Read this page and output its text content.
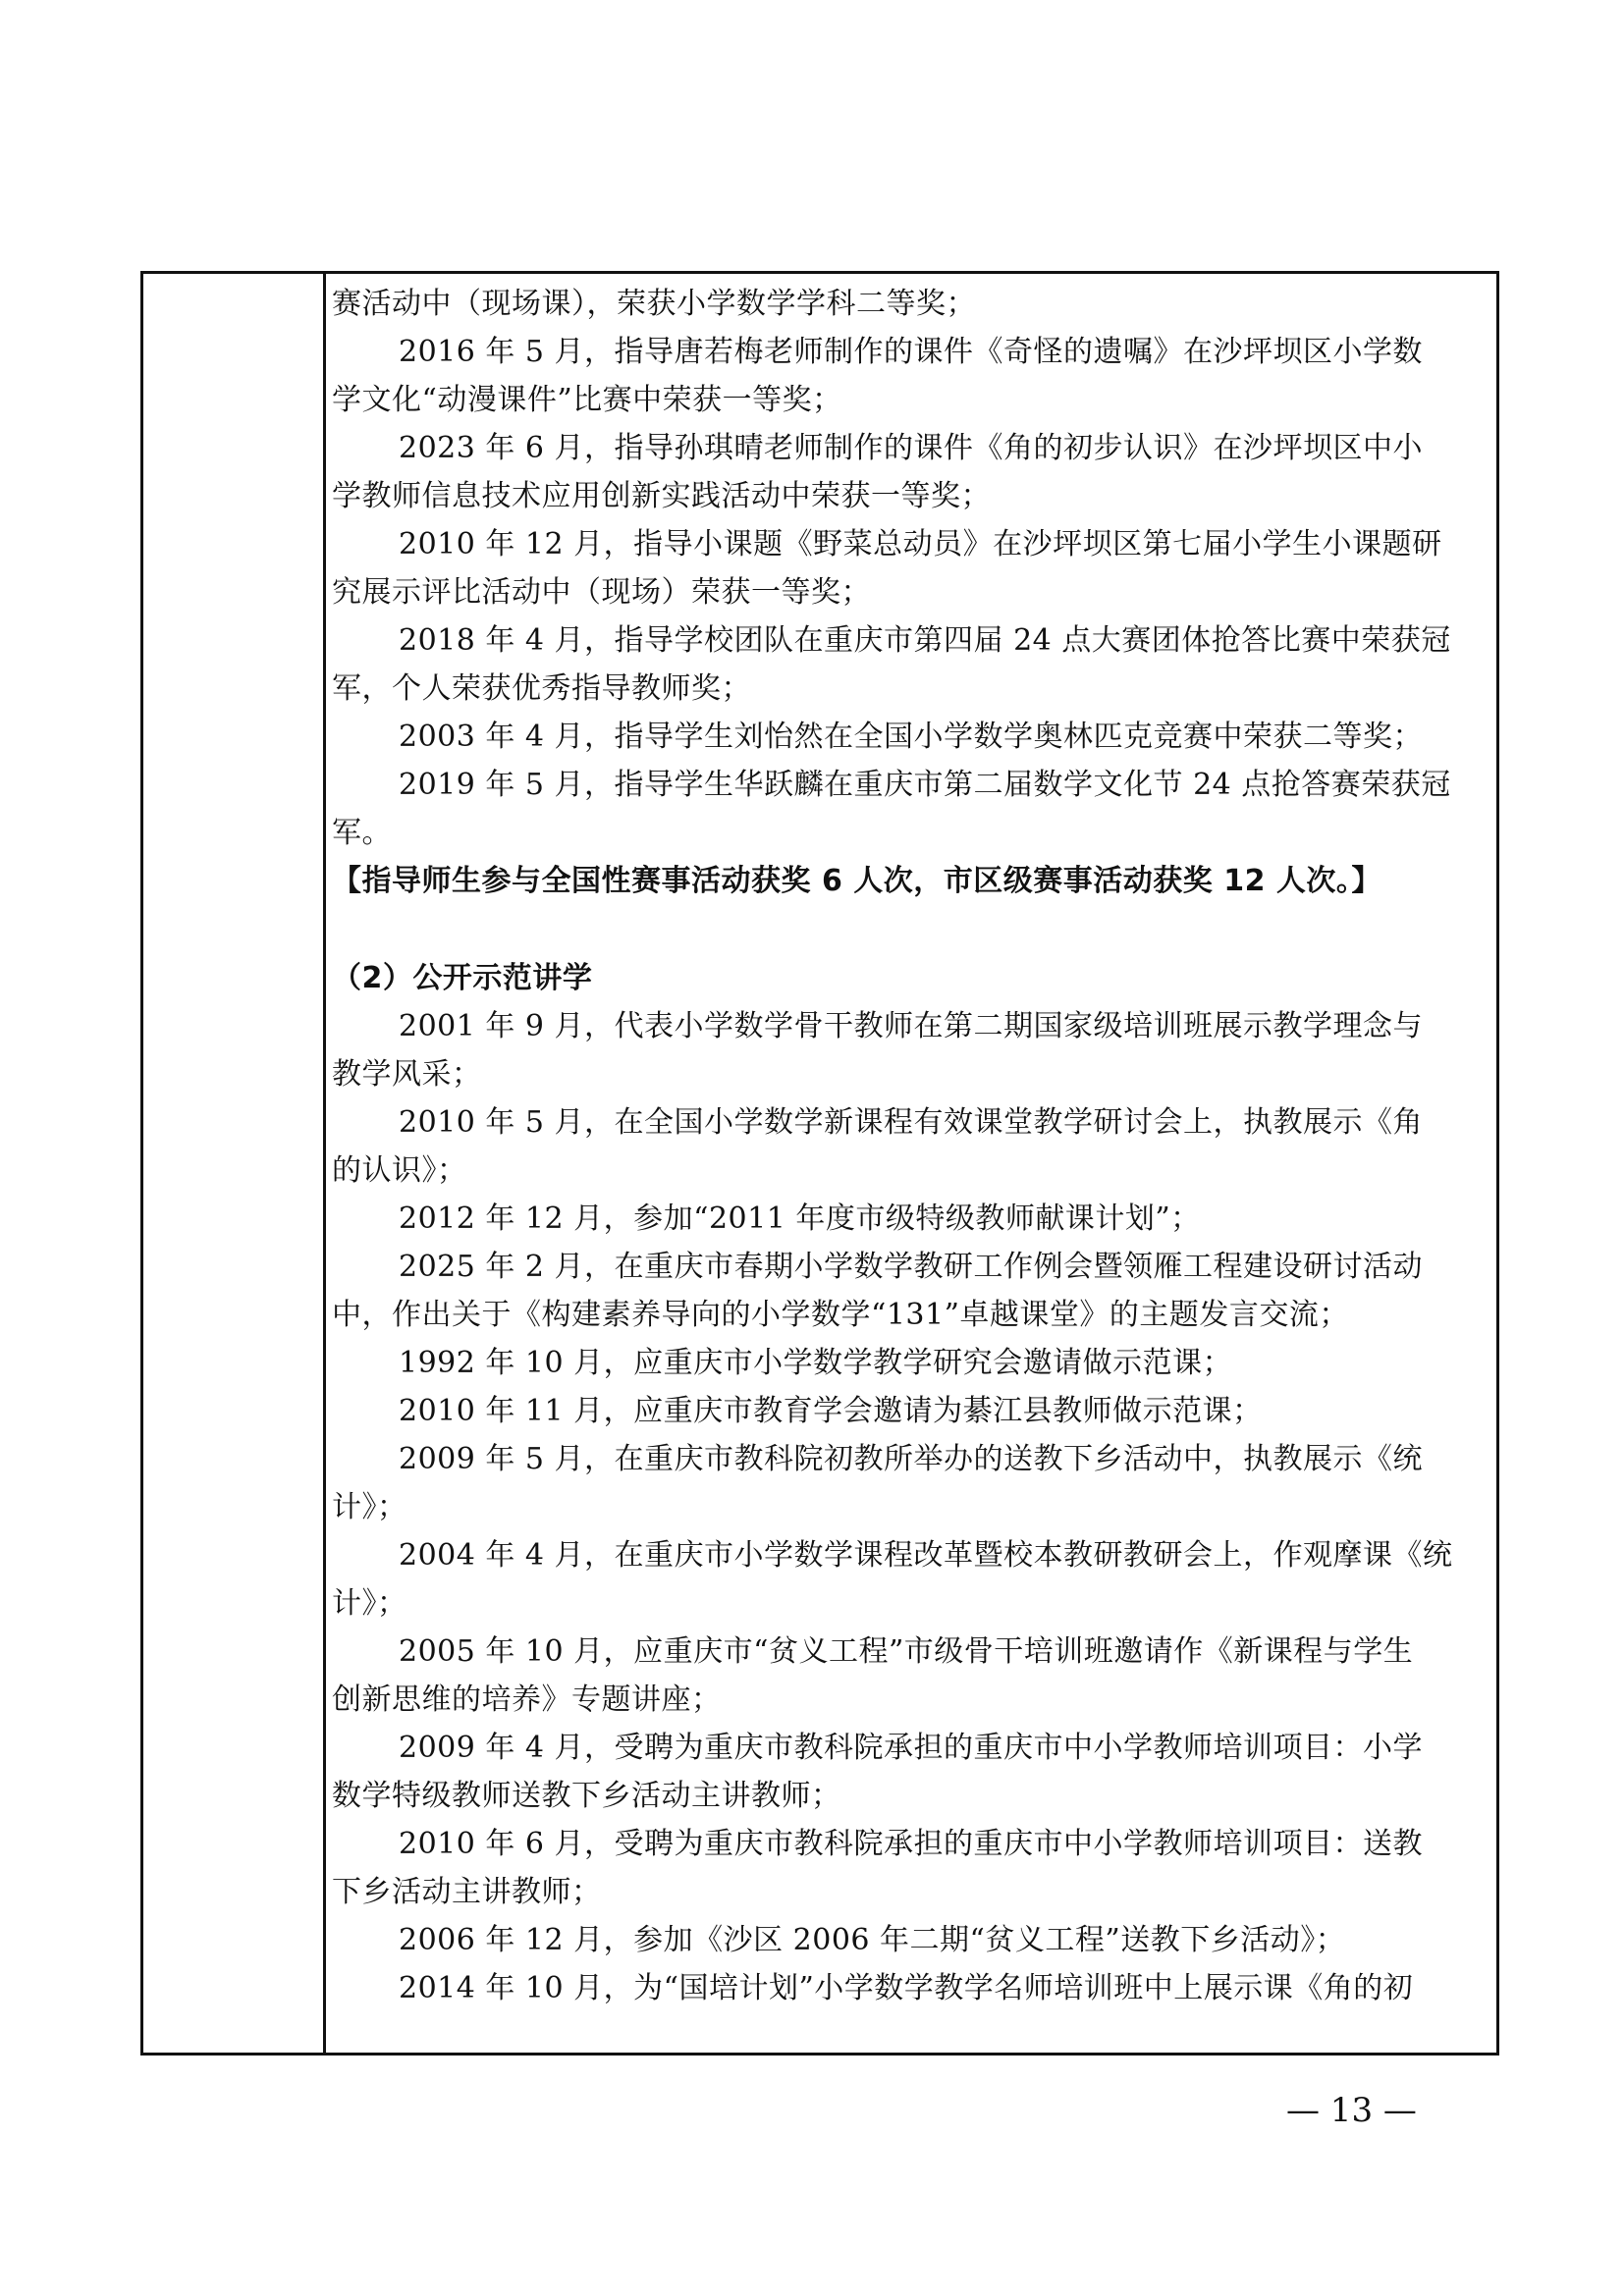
赛活动中（现场课），荣获小学数学学科二等奖；
2016 年 5 月，指导唐若梅老师制作的课件《奇怪的遗嘱》在沙坪坝区小学数
学文化“动漫课件”比赛中荣获一等奖；
2023 年 6 月，指导孙琪晴老师制作的课件《角的初步认识》在沙坪坝区中小
学教师信息技术应用创新实践活动中荣获一等奖；
2010 年 12 月，指导小课题《野菜总动员》在沙坪坝区第七届小学生小课题研
究展示评比活动中（现场）荣获一等奖；
2018 年 4 月，指导学校团队在重庆市第四届 24 点大赛团体抢答比赛中荣获冠
军，个人荣获优秀指导教师奖；
2003 年 4 月，指导学生刘怡然在全国小学数学奥林匹克竞赛中荣获二等奖；
2019 年 5 月，指导学生华跃麟在重庆市第二届数学文化节 24 点抢答赛荣获冠
军。
【指导师生参与全国性赛事活动获奖 6 人次，市区级赛事活动获奖 12 人次。】
（2）公开示范讲学
2001 年 9 月，代表小学数学骨干教师在第二期国家级培训班展示教学理念与
教学风采；
2010 年 5 月，在全国小学数学新课程有效课堂教学研讨会上，执教展示《角
的认识》；
2012 年 12 月，参加“2011 年度市级特级教师献课计划”；
2025 年 2 月，在重庆市春期小学数学教研工作例会暨领雁工程建设研讨活动
中，作出关于《构建素养导向的小学数学“131”卓越课堂》的主题发言交流；
1992 年 10 月，应重庆市小学数学教学研究会邀请做示范课；
2010 年 11 月，应重庆市教育学会邀请为綦江县教师做示范课；
2009 年 5 月，在重庆市教科院初教所举办的送教下乡活动中，执教展示《统
计》；
2004 年 4 月，在重庆市小学数学课程改革暨校本教研教研会上，作观摩课《统
计》；
2005 年 10 月，应重庆市“贫义工程”市级骨干培训班邀请作《新课程与学生
创新思维的培养》专题讲座；
2009 年 4 月，受聘为重庆市教科院承担的重庆市中小学教师培训项目：小学
数学特级教师送教下乡活动主讲教师；
2010 年 6 月，受聘为重庆市教科院承担的重庆市中小学教师培训项目：送教
下乡活动主讲教师；
2006 年 12 月，参加《沙区 2006 年二期“贫义工程”送教下乡活动》；
2014 年 10 月，为“国培计划”小学数学教学名师培训班中上展示课《角的初
— 13 —
